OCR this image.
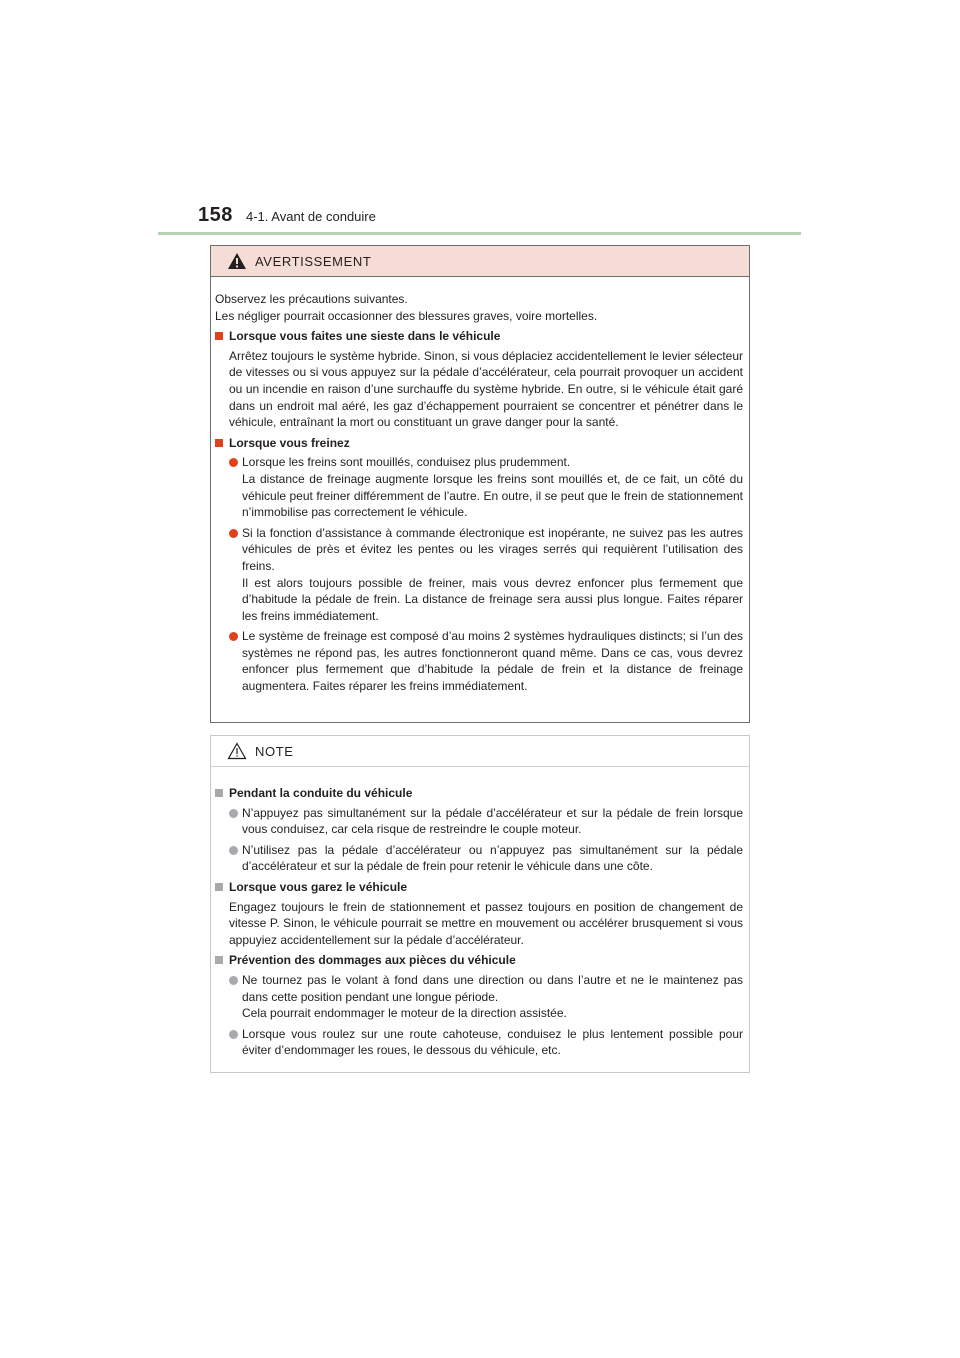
158 4-1. Avant de conduire
AVERTISSEMENT

Observez les précautions suivantes.

Les négliger pourrait occasionner des blessures graves, voire mortelles.

Lorsque vous faites une sieste dans le véhicule

Arrêtez toujours le système hybride. Sinon, si vous déplaciez accidentellement le levier sélecteur de vitesses ou si vous appuyez sur la pédale d’accélérateur, cela pourrait provoquer un accident ou un incendie en raison d’une surchauffe du système hybride. En outre, si le véhicule était garé dans un endroit mal aéré, les gaz d’échappement pourraient se concentrer et pénétrer dans le véhicule, entraînant la mort ou constituant un grave danger pour la santé.

Lorsque vous freinez
Lorsque les freins sont mouillés, conduisez plus prudemment.
La distance de freinage augmente lorsque les freins sont mouillés et, de ce fait, un côté du véhicule peut freiner différemment de l’autre. En outre, il se peut que le frein de stationnement n’immobilise pas correctement le véhicule.
Si la fonction d’assistance à commande électronique est inopérante, ne suivez pas les autres véhicules de près et évitez les pentes ou les virages serrés qui requièrent l’utilisation des freins.
Il est alors toujours possible de freiner, mais vous devrez enfoncer plus fermement que d’habitude la pédale de frein. La distance de freinage sera aussi plus longue. Faites réparer les freins immédiatement.
Le système de freinage est composé d’au moins 2 systèmes hydrauliques distincts; si l’un des systèmes ne répond pas, les autres fonctionneront quand même. Dans ce cas, vous devrez enfoncer plus fermement que d’habitude la pédale de frein et la distance de freinage augmentera. Faites réparer les freins immédiatement.
NOTE
Pendant la conduite du véhicule
N’appuyez pas simultanément sur la pédale d’accélérateur et sur la pédale de frein lorsque vous conduisez, car cela risque de restreindre le couple moteur.
N’utilisez pas la pédale d’accélérateur ou n’appuyez pas simultanément sur la pédale d’accélérateur et sur la pédale de frein pour retenir le véhicule dans une côte.
Lorsque vous garez le véhicule

Engagez toujours le frein de stationnement et passez toujours en position de changement de vitesse P. Sinon, le véhicule pourrait se mettre en mouvement ou accélérer brusquement si vous appuyiez accidentellement sur la pédale d’accélérateur.

Prévention des dommages aux pièces du véhicule
Ne tournez pas le volant à fond dans une direction ou dans l’autre et ne le maintenez pas dans cette position pendant une longue période.
Cela pourrait endommager le moteur de la direction assistée.
Lorsque vous roulez sur une route cahoteuse, conduisez le plus lentement possible pour éviter d’endommager les roues, le dessous du véhicule, etc.
